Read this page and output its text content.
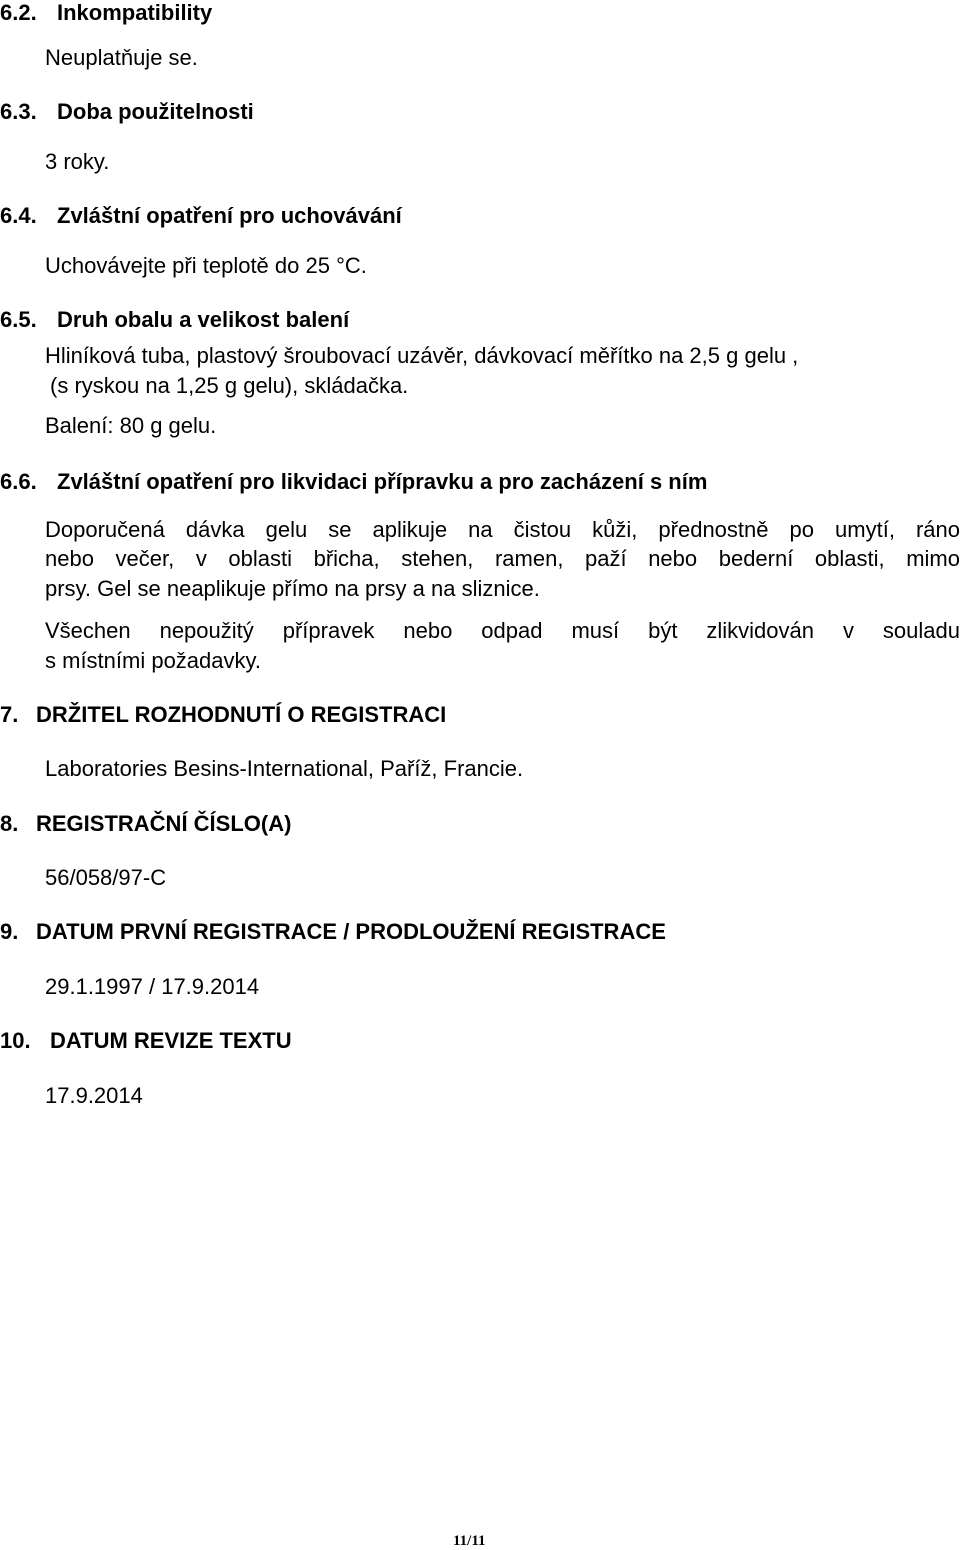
6.2. Inkompatibility

Neuplatňuje se.

6.3. Doba použitelnosti

3 roky.

6.4. Zvláštní opatření pro uchovávání

Uchovávejte při teplotě do 25 °C.

6.5. Druh obalu a velikost balení

Hliníková tuba, plastový šroubovací uzávěr, dávkovací měřítko na 2,5 g gelu ,

(s ryskou na 1,25 g gelu), skládačka.

Balení: 80 g gelu.

6.6. Zvláštní opatření pro likvidaci přípravku a pro zacházení s ním

Doporučená dávka gelu se aplikuje na čistou kůži, přednostně po umytí, ráno

nebo večer, v oblasti břicha, stehen, ramen, paží nebo bederní oblasti, mimo

prsy. Gel se neaplikuje přímo na prsy a na sliznice.

Všechen nepoužitý přípravek nebo odpad musí být zlikvidován v souladu

s místními požadavky.

7. DRŽITEL ROZHODNUTÍ O REGISTRACI

Laboratories Besins-International, Paříž, Francie.

8. REGISTRAČNÍ ČÍSLO(A)

56/058/97-C

9. DATUM PRVNÍ REGISTRACE / PRODLOUŽENÍ REGISTRACE

29.1.1997 / 17.9.2014

10. DATUM REVIZE TEXTU

17.9.2014

11/11
